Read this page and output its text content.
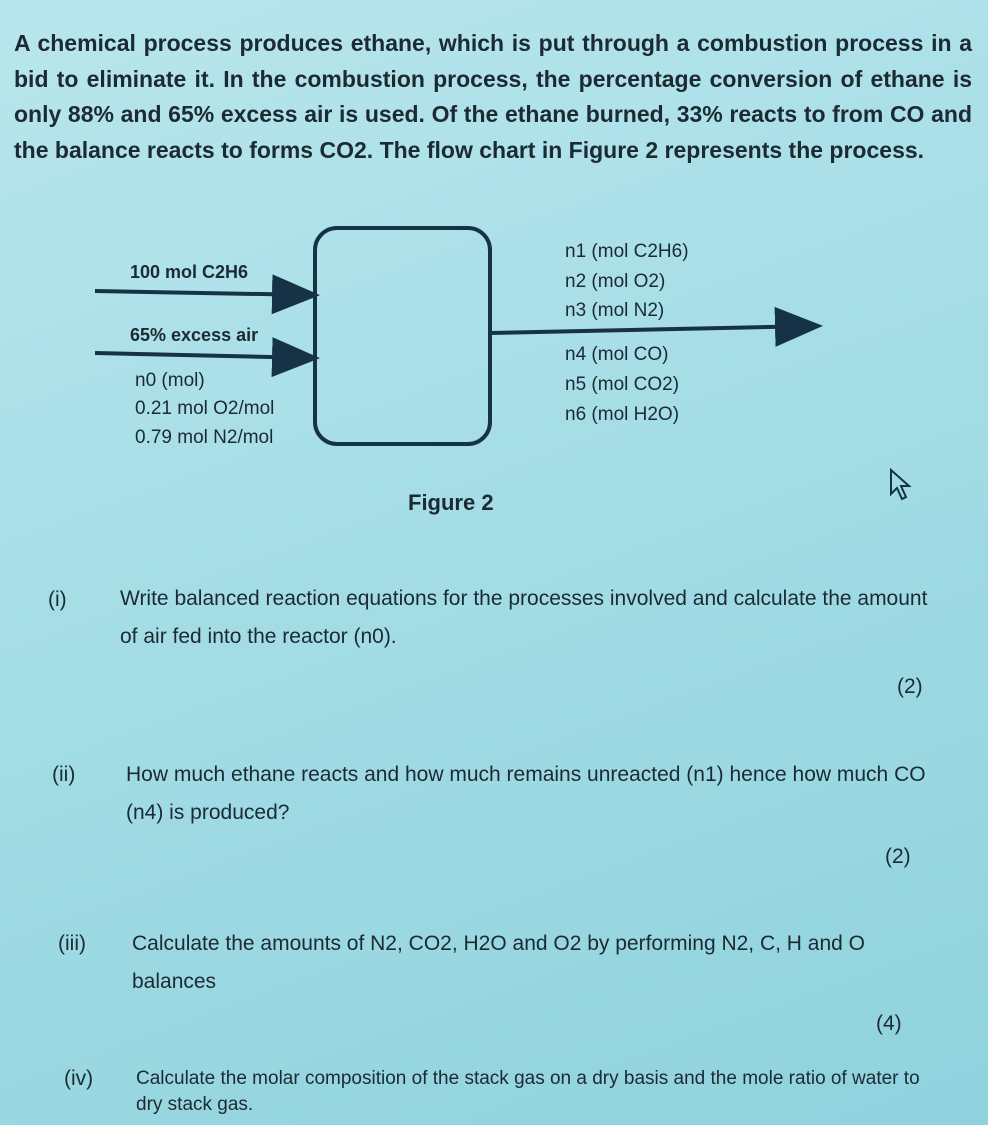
A chemical process produces ethane, which is put through a combustion process in a bid to eliminate it. In the combustion process, the percentage conversion of ethane is only 88% and 65% excess air is used. Of the ethane burned, 33% reacts to from CO and the balance reacts to forms CO2. The flow chart in Figure 2 represents the process.

100 mol C2H6
65% excess air
n0 (mol)
0.21 mol O2/mol
0.79 mol N2/mol
n1 (mol C2H6)
n2 (mol O2)
n3 (mol N2)
n4 (mol CO)
n5 (mol CO2)
n6 (mol H2O)
Figure 2
(i)	Write balanced reaction equations for the processes involved and calculate the amount of air fed into the reactor (n0).
(2)
(ii) How much ethane reacts and how much remains unreacted (n1) hence how much CO (n4) is produced?
(2)
(iii) Calculate the amounts of N2, CO2, H2O and O2 by performing N2, C, H and O balances
(4)
(iv) Calculate the molar composition of the stack gas on a dry basis and the mole ratio of water to dry stack gas.
